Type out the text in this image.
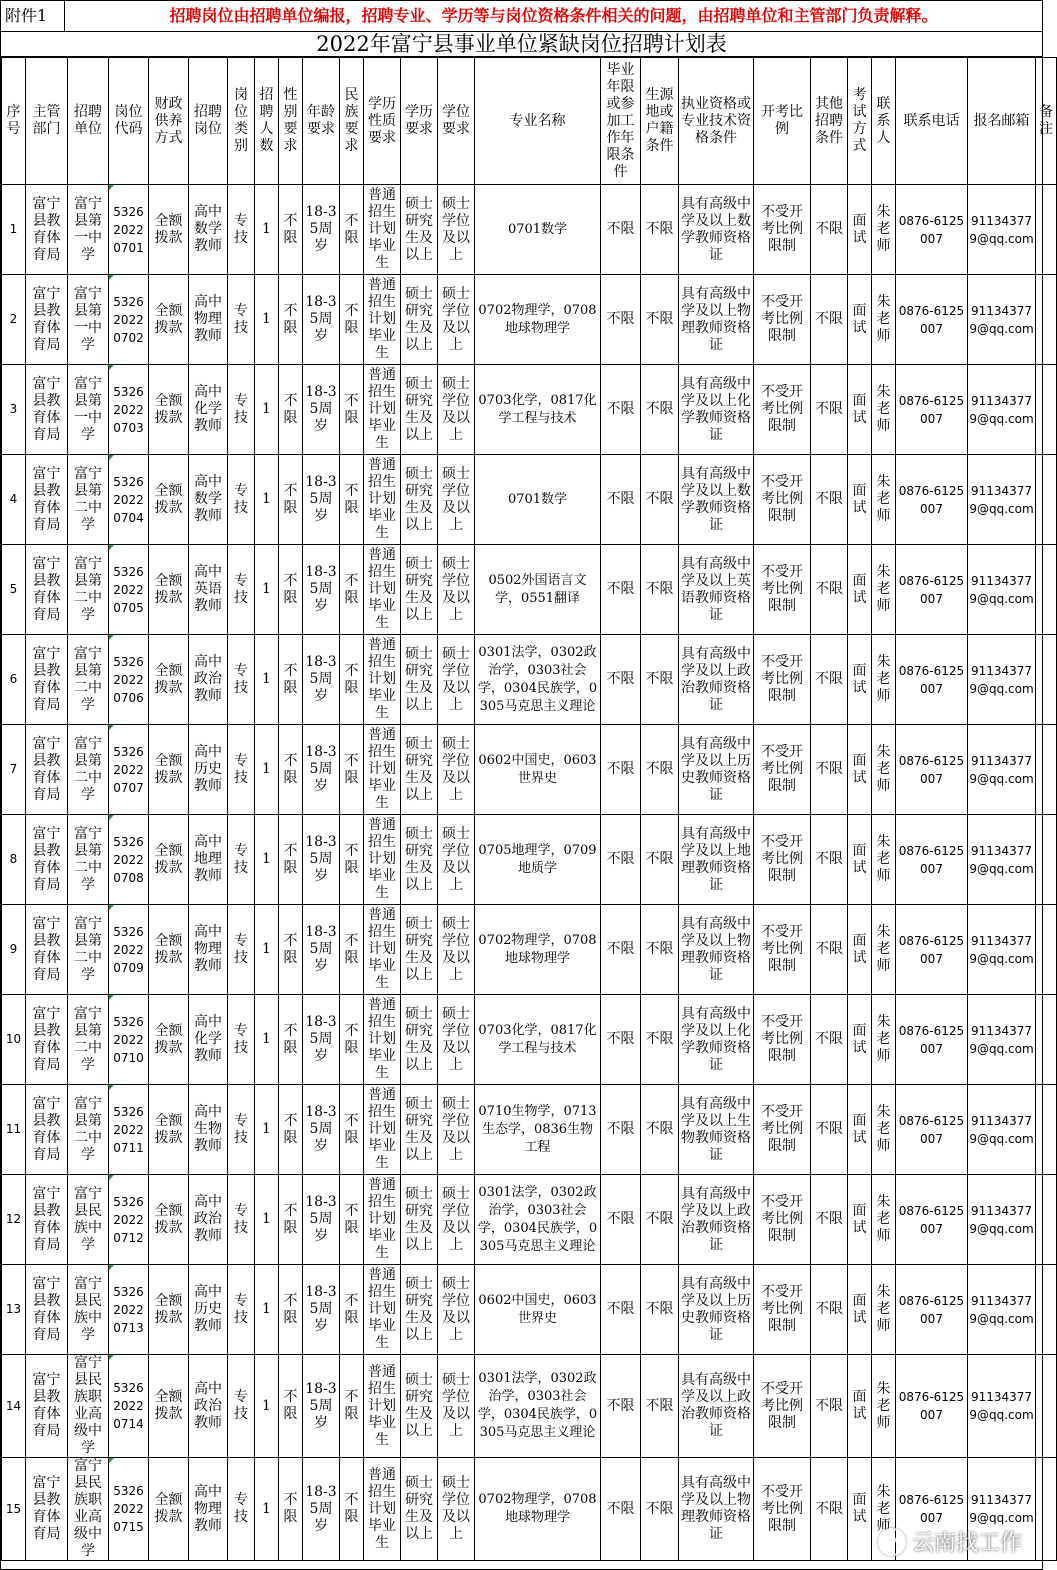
附件1	招聘岗位由招聘单位编报，招聘专业、学历等与岗位资格条件相关的问题，由招聘单位和主管部门负责解释。
2022年富宁县事业单位紧缺岗位招聘计划表
序号	主管部门	招聘单位	岗位代码	财政供养方式	招聘岗位	岗位类别	招聘人数	性别要求	年龄要求	民族要求	学历性质要求	学历要求	学位要求	专业名称	毕业年限或参加工作年限条件	生源地或户籍条件	执业资格或专业技术资格条件	开考比例	其他招聘条件	考试方式	联系人	联系电话	报名邮箱	备注
1	富宁县教育体育局	富宁县第一中学	53262022 0701	全额拨款	高中数学教师	专技	1	不限	18-35周岁	不限	普通招生计划毕业生	硕士研究生及以上	硕士学位及以上	0701数学	不限	不限	具有高级中学及以上数学教师资格证	不受开考比例限制	不限	面试	朱老师	0876-6125007	911343779@qq.com	
2	富宁县教育体育局	富宁县第一中学	53262022 0702	全额拨款	高中物理教师	专技	1	不限	18-35周岁	不限	普通招生计划毕业生	硕士研究生及以上	硕士学位及以上	0702物理学，0708地球物理学	不限	不限	具有高级中学及以上物理教师资格证	不受开考比例限制	不限	面试	朱老师	0876-6125007	911343779@qq.com	
3	富宁县教育体育局	富宁县第一中学	53262022 0703	全额拨款	高中化学教师	专技	1	不限	18-35周岁	不限	普通招生计划毕业生	硕士研究生及以上	硕士学位及以上	0703化学，0817化学工程与技术	不限	不限	具有高级中学及以上化学教师资格证	不受开考比例限制	不限	面试	朱老师	0876-6125007	911343779@qq.com	
4	富宁县教育体育局	富宁县第二中学	53262022 0704	全额拨款	高中数学教师	专技	1	不限	18-35周岁	不限	普通招生计划毕业生	硕士研究生及以上	硕士学位及以上	0701数学	不限	不限	具有高级中学及以上数学教师资格证	不受开考比例限制	不限	面试	朱老师	0876-6125007	911343779@qq.com	
5	富宁县教育体育局	富宁县第二中学	53262022 0705	全额拨款	高中英语教师	专技	1	不限	18-35周岁	不限	普通招生计划毕业生	硕士研究生及以上	硕士学位及以上	0502外国语言文学，0551翻译	不限	不限	具有高级中学及以上英语教师资格证	不受开考比例限制	不限	面试	朱老师	0876-6125007	911343779@qq.com	
6	富宁县教育体育局	富宁县第二中学	53262022 0706	全额拨款	高中政治教师	专技	1	不限	18-35周岁	不限	普通招生计划毕业生	硕士研究生及以上	硕士学位及以上	0301法学，0302政治学，0303社会学，0304民族学，0305马克思主义理论	不限	不限	具有高级中学及以上政治教师资格证	不受开考比例限制	不限	面试	朱老师	0876-6125007	911343779@qq.com	
7	富宁县教育体育局	富宁县第二中学	53262022 0707	全额拨款	高中历史教师	专技	1	不限	18-35周岁	不限	普通招生计划毕业生	硕士研究生及以上	硕士学位及以上	0602中国史，0603世界史	不限	不限	具有高级中学及以上历史教师资格证	不受开考比例限制	不限	面试	朱老师	0876-6125007	911343779@qq.com	
8	富宁县教育体育局	富宁县第二中学	53262022 0708	全额拨款	高中地理教师	专技	1	不限	18-35周岁	不限	普通招生计划毕业生	硕士研究生及以上	硕士学位及以上	0705地理学，0709地质学	不限	不限	具有高级中学及以上地理教师资格证	不受开考比例限制	不限	面试	朱老师	0876-6125007	911343779@qq.com	
9	富宁县教育体育局	富宁县第二中学	53262022 0709	全额拨款	高中物理教师	专技	1	不限	18-35周岁	不限	普通招生计划毕业生	硕士研究生及以上	硕士学位及以上	0702物理学，0708地球物理学	不限	不限	具有高级中学及以上物理教师资格证	不受开考比例限制	不限	面试	朱老师	0876-6125007	911343779@qq.com	
10	富宁县教育体育局	富宁县第二中学	53262022 0710	全额拨款	高中化学教师	专技	1	不限	18-35周岁	不限	普通招生计划毕业生	硕士研究生及以上	硕士学位及以上	0703化学，0817化学工程与技术	不限	不限	具有高级中学及以上化学教师资格证	不受开考比例限制	不限	面试	朱老师	0876-6125007	911343779@qq.com	
11	富宁县教育体育局	富宁县第二中学	53262022 0711	全额拨款	高中生物教师	专技	1	不限	18-35周岁	不限	普通招生计划毕业生	硕士研究生及以上	硕士学位及以上	0710生物学，0713生态学，0836生物工程	不限	不限	具有高级中学及以上生物教师资格证	不受开考比例限制	不限	面试	朱老师	0876-6125007	911343779@qq.com	
12	富宁县教育体育局	富宁县民族中学	53262022 0712	全额拨款	高中政治教师	专技	1	不限	18-35周岁	不限	普通招生计划毕业生	硕士研究生及以上	硕士学位及以上	0301法学，0302政治学，0303社会学，0304民族学，0305马克思主义理论	不限	不限	具有高级中学及以上政治教师资格证	不受开考比例限制	不限	面试	朱老师	0876-6125007	911343779@qq.com	
13	富宁县教育体育局	富宁县民族中学	53262022 0713	全额拨款	高中历史教师	专技	1	不限	18-35周岁	不限	普通招生计划毕业生	硕士研究生及以上	硕士学位及以上	0602中国史，0603世界史	不限	不限	具有高级中学及以上历史教师资格证	不受开考比例限制	不限	面试	朱老师	0876-6125007	911343779@qq.com	
14	富宁县教育体育局	富宁县民族职业高级中学	53262022 0714	全额拨款	高中政治教师	专技	1	不限	18-35周岁	不限	普通招生计划毕业生	硕士研究生及以上	硕士学位及以上	0301法学，0302政治学，0303社会学，0304民族学，0305马克思主义理论	不限	不限	具有高级中学及以上政治教师资格证	不受开考比例限制	不限	面试	朱老师	0876-6125007	911343779@qq.com	
15	富宁县教育体育局	富宁县民族职业高级中学	53262022 0715	全额拨款	高中物理教师	专技	1	不限	18-35周岁	不限	普通招生计划毕业生	硕士研究生及以上	硕士学位及以上	0702物理学，0708地球物理学	不限	不限	具有高级中学及以上物理教师资格证	不受开考比例限制	不限	面试	朱老师	0876-6125007	911343779@qq.com	
云南找工作
